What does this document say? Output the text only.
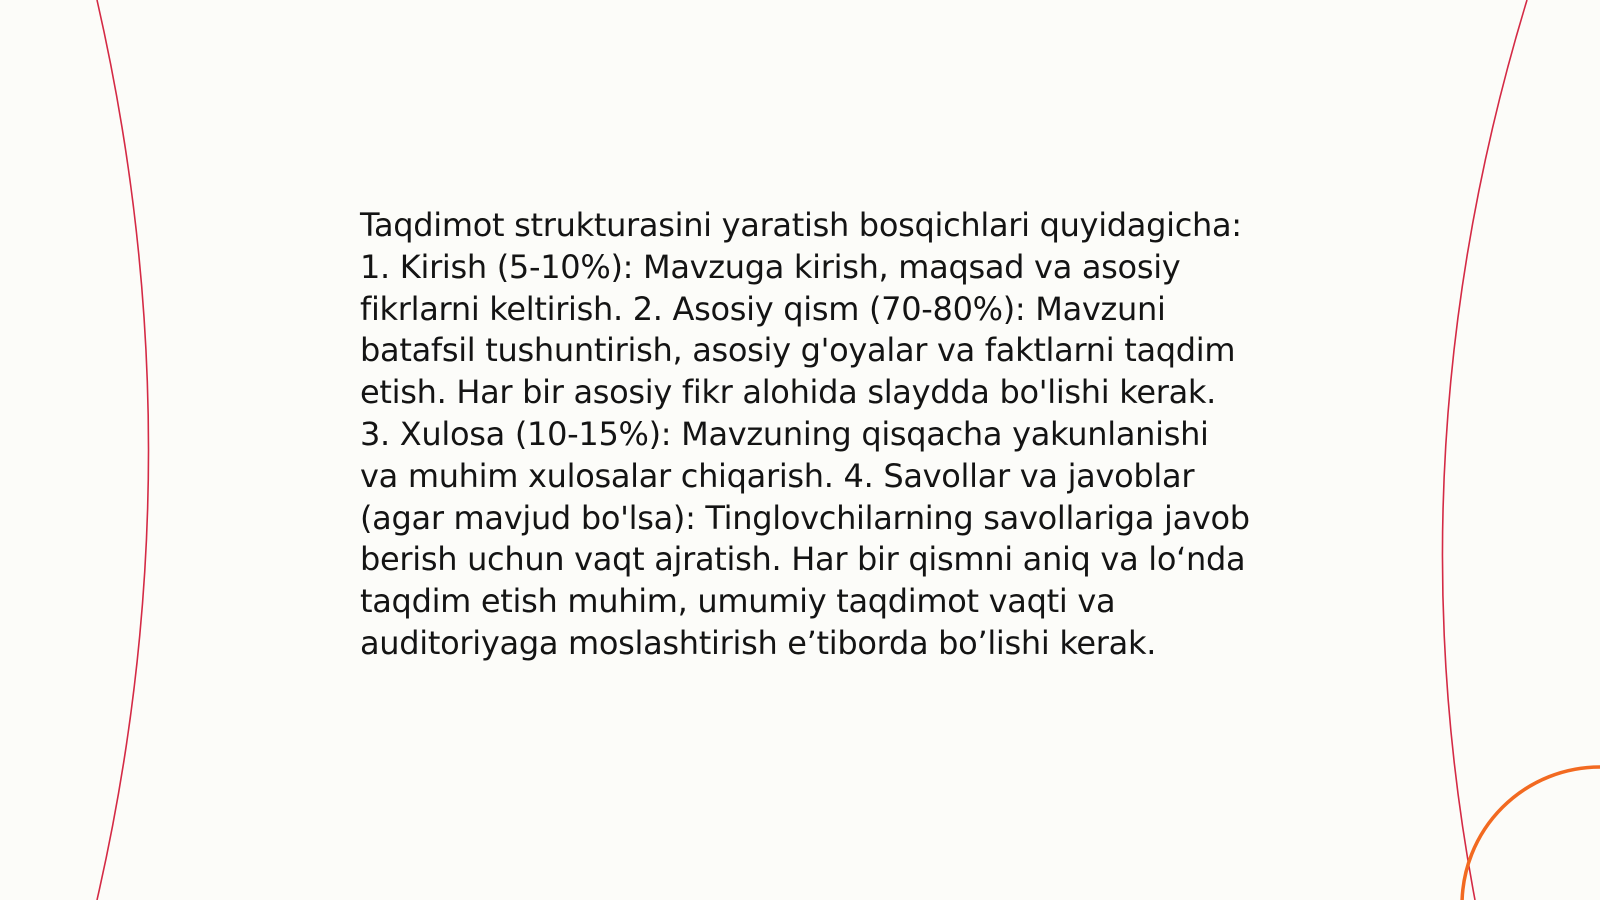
Taqdimot strukturasini yaratish bosqichlari quyidagicha: 1. Kirish (5-10%): Mavzuga kirish, maqsad va asosiy fikrlarni keltirish. 2. Asosiy qism (70-80%): Mavzuni batafsil tushuntirish, asosiy g'oyalar va faktlarni taqdim etish. Har bir asosiy fikr alohida slaydda bo'lishi kerak. 3. Xulosa (10-15%): Mavzuning qisqacha yakunlanishi va muhim xulosalar chiqarish. 4. Savollar va javoblar (agar mavjud bo'lsa): Tinglovchilarning savollariga javob berish uchun vaqt ajratish. Har bir qismni aniq va lo‘nda taqdim etish muhim, umumiy taqdimot vaqti va auditoriyaga moslashtirish e’tiborda bo’lishi kerak.
